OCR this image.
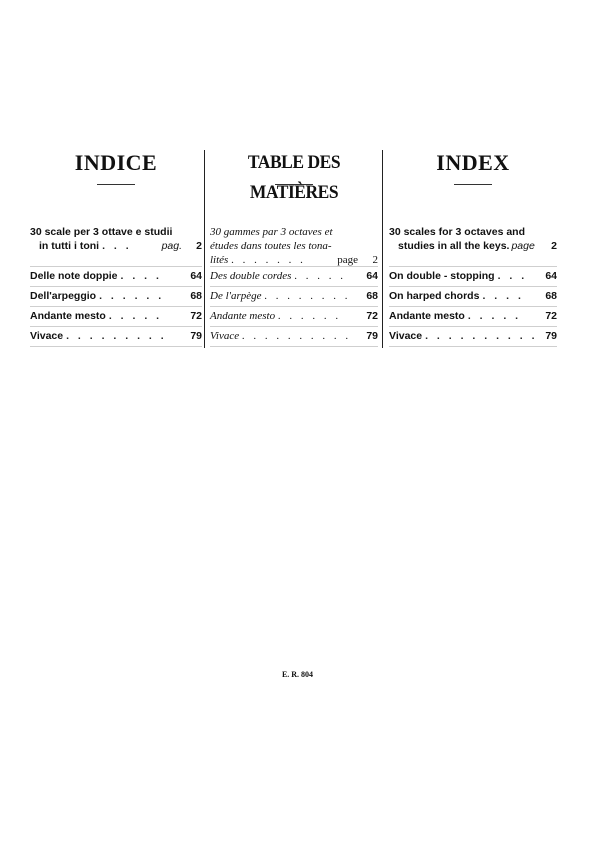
INDICE
30 scale per 3 ottave e studii
in tutti i toni . . .	pag.	2
Delle note doppie . . . .	64
Dell'arpeggio . . . . . .	68
Andante mesto . . . . .	72
Vivace . . . . . . . . .	79
TABLE DES MATIÈRES
30 gammes par 3 octaves et
études dans toutes les tona-
lités . . . . . . .	page	2
Des double cordes . . . . .	64
De l'arpège . . . . . . . .	68
Andante mesto . . . . . .	72
Vivace . . . . . . . . . .	79
INDEX
30 scales for 3 octaves and
studies in all the keys. page	2
On double - stopping . . .	64
On harped chords . . . .	68
Andante mesto . . . . .	72
Vivace . . . . . . . . . . 79
E. R. 804
